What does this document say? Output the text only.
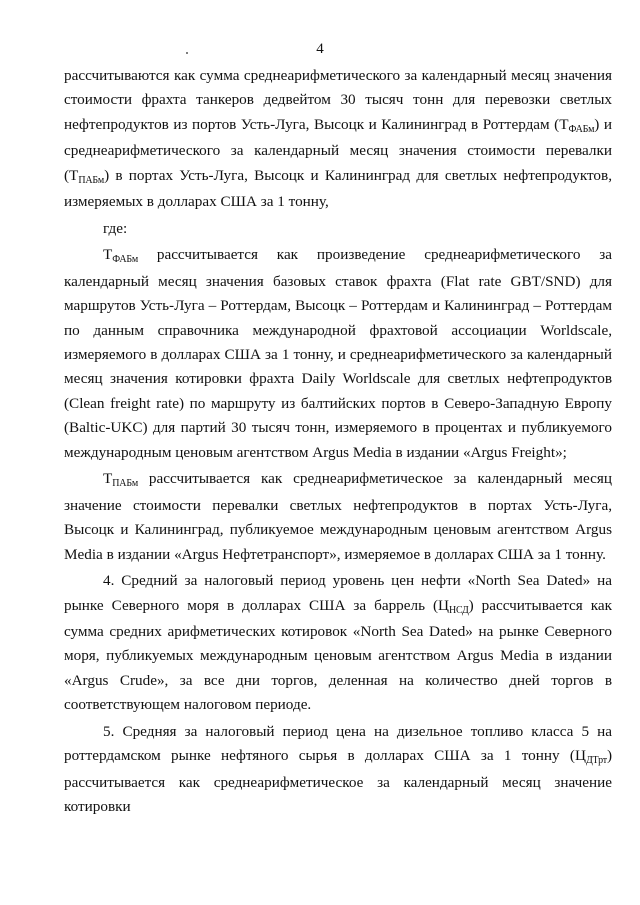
4

рассчитываются как сумма среднеарифметического за календарный месяц значения стоимости фрахта танкеров дедвейтом 30 тысяч тонн для перевозки светлых нефтепродуктов из портов Усть-Луга, Высоцк и Калининград в Роттердам (ТФАБм) и среднеарифметического за календарный месяц значения стоимости перевалки (ТПАБм) в портах Усть-Луга, Высоцк и Калининград для светлых нефтепродуктов, измеряемых в долларах США за 1 тонну,

где:

ТФАБм рассчитывается как произведение среднеарифметического за календарный месяц значения базовых ставок фрахта (Flat rate GBT/SND) для маршрутов Усть-Луга – Роттердам, Высоцк – Роттердам и Калининград – Роттердам по данным справочника международной фрахтовой ассоциации Worldscale, измеряемого в долларах США за 1 тонну, и среднеарифметического за календарный месяц значения котировки фрахта Daily Worldscale для светлых нефтепродуктов (Clean freight rate) по маршруту из балтийских портов в Северо-Западную Европу (Baltic-UKC) для партий 30 тысяч тонн, измеряемого в процентах и публикуемого международным ценовым агентством Argus Media в издании «Argus Freight»;

ТПАБм рассчитывается как среднеарифметическое за календарный месяц значение стоимости перевалки светлых нефтепродуктов в портах Усть-Луга, Высоцк и Калининград, публикуемое международным ценовым агентством Argus Media в издании «Argus Нефтетранспорт», измеряемое в долларах США за 1 тонну.

4. Средний за налоговый период уровень цен нефти «North Sea Dated» на рынке Северного моря в долларах США за баррель (ЦНСД) рассчитывается как сумма средних арифметических котировок «North Sea Dated» на рынке Северного моря, публикуемых международным ценовым агентством Argus Media в издании «Argus Crude», за все дни торгов, деленная на количество дней торгов в соответствующем налоговом периоде.

5. Средняя за налоговый период цена на дизельное топливо класса 5 на роттердамском рынке нефтяного сырья в долларах США за 1 тонну (ЦДТрт) рассчитывается как среднеарифметическое за календарный месяц значение котировки
